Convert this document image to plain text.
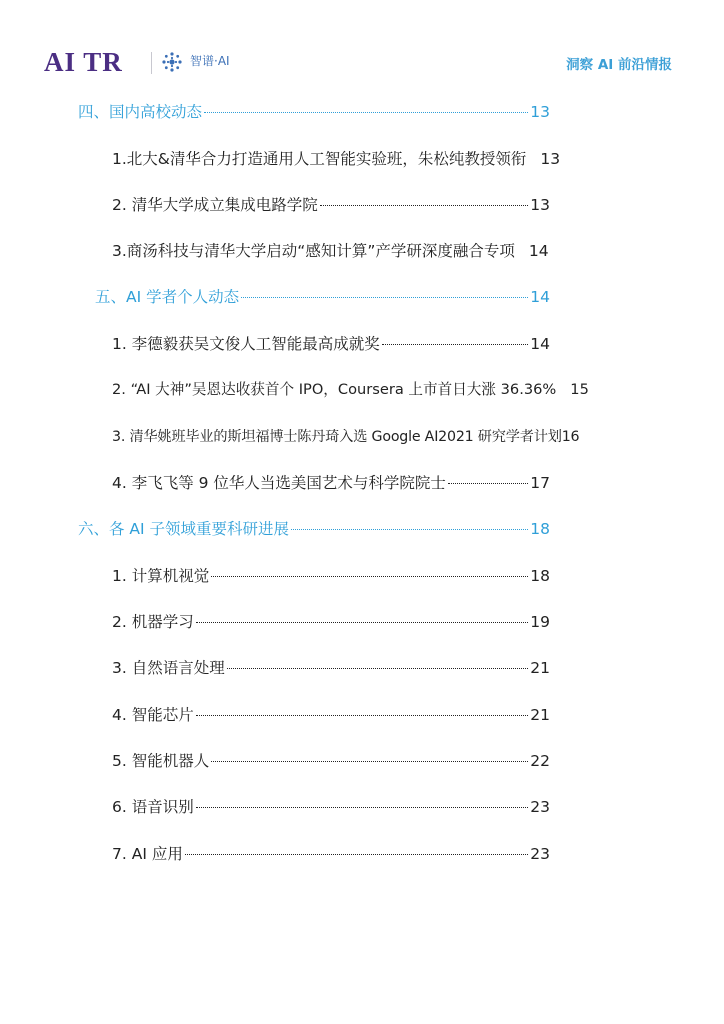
AI TR	智谱·AI	洞察 AI 前沿情报
四、国内高校动态	13
1.北大&清华合力打造通用人工智能实验班，朱松纯教授领衔 13
2. 清华大学成立集成电路学院	13
3.商汤科技与清华大学启动“感知计算”产学研深度融合专项 14
五、AI 学者个人动态	14
1. 李德毅获吴文俊人工智能最高成就奖	14
2. “AI 大神”吴恩达收获首个 IPO，Coursera 上市首日大涨 36.36% 15
3. 清华姚班毕业的斯坦福博士陈丹琦入选 Google AI2021 研究学者计划 16
4. 李飞飞等 9 位华人当选美国艺术与科学院院士	17
六、各 AI 子领域重要科研进展	18
1. 计算机视觉	18
2. 机器学习	19
3. 自然语言处理	21
4. 智能芯片	21
5. 智能机器人	22
6. 语音识别	23
7. AI 应用	23
